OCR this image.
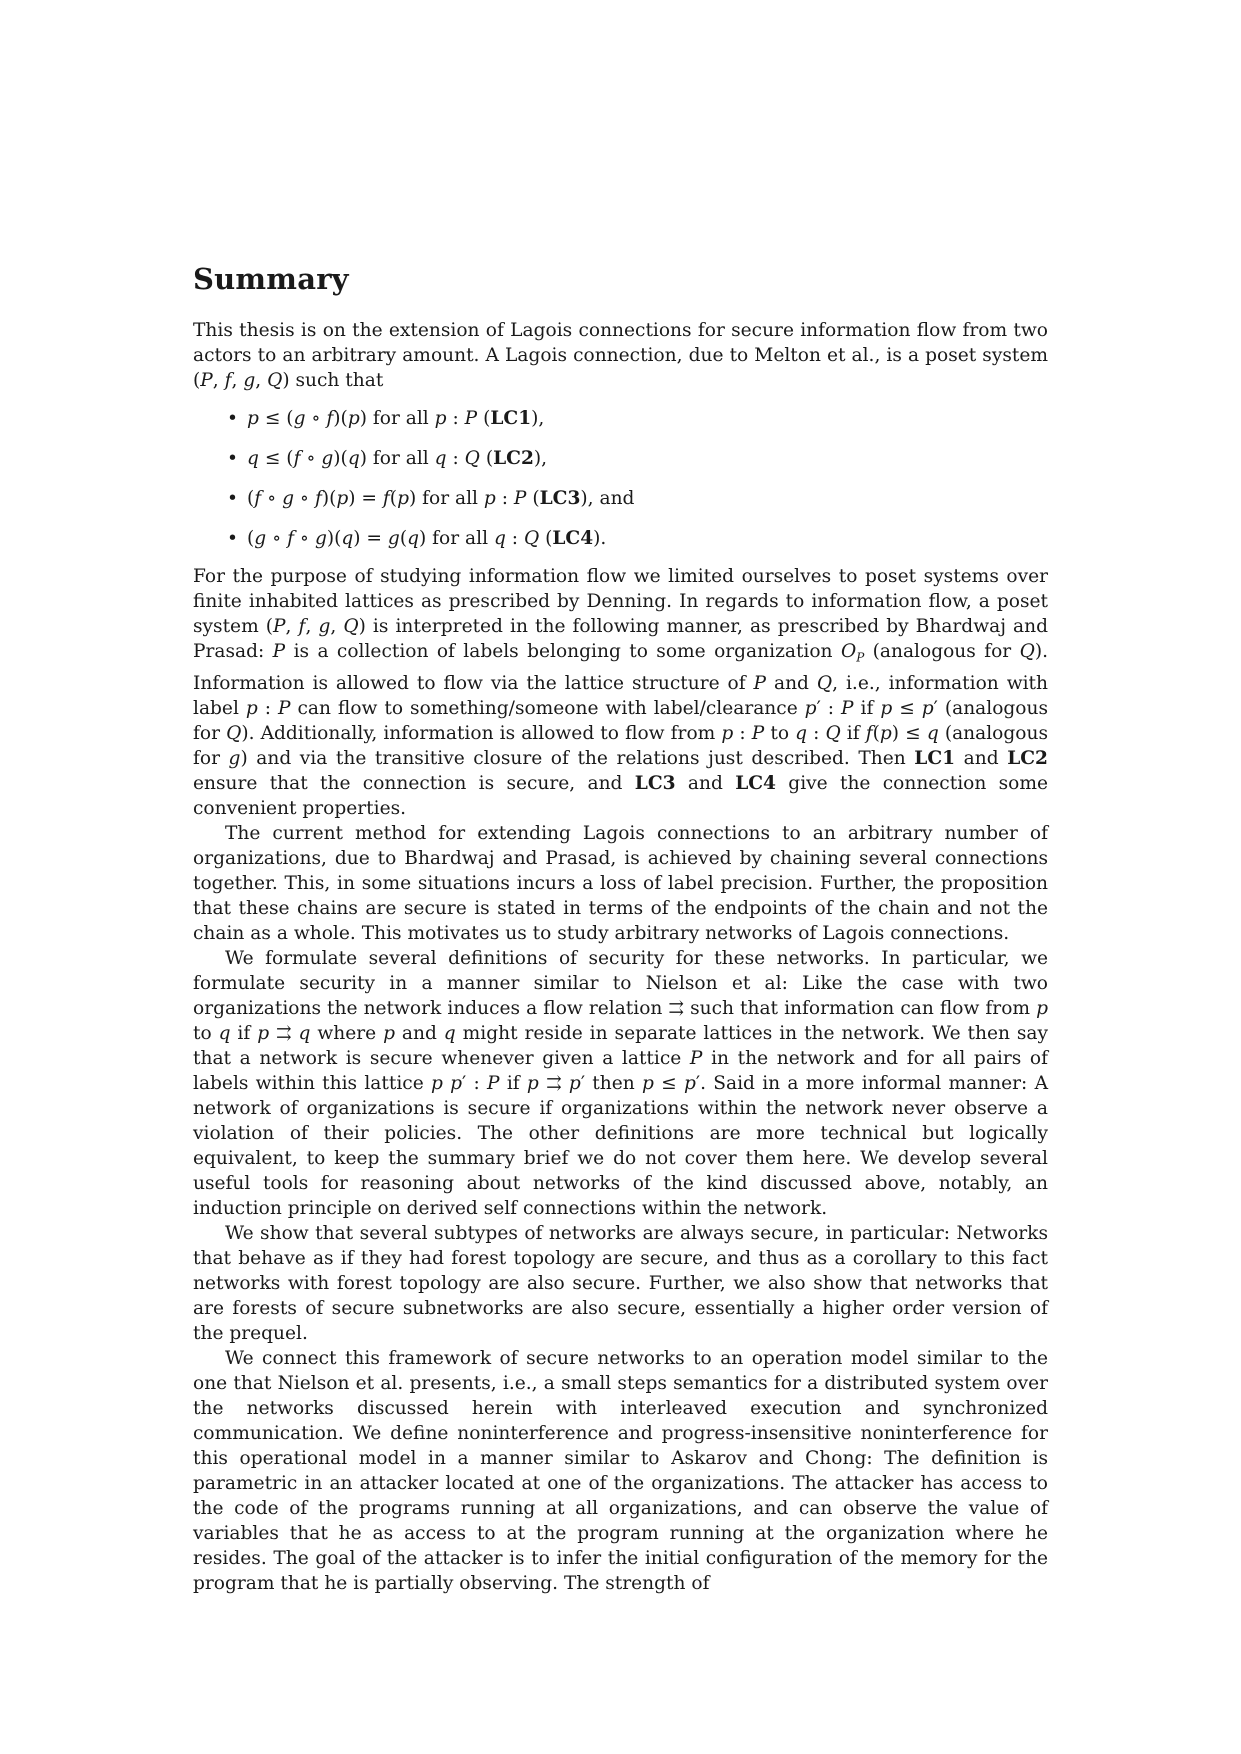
Summary

This thesis is on the extension of Lagois connections for secure information flow from two actors to an arbitrary amount. A Lagois connection, due to Melton et al., is a poset system (P, f, g, Q) such that

• p ≤ (g ∘ f)(p) for all p : P (LC1),
• q ≤ (f ∘ g)(q) for all q : Q (LC2),
• (f ∘ g ∘ f)(p) = f(p) for all p : P (LC3), and
• (g ∘ f ∘ g)(q) = g(q) for all q : Q (LC4).

For the purpose of studying information flow we limited ourselves to poset systems over finite inhabited lattices as prescribed by Denning. In regards to information flow, a poset system (P, f, g, Q) is interpreted in the following manner, as prescribed by Bhardwaj and Prasad: P is a collection of labels belonging to some organization $O_P$ (analogous for Q). Information is allowed to flow via the lattice structure of P and Q, i.e., information with label p : P can flow to something/someone with label/clearance p′ : P if p ≤ p′ (analogous for Q). Additionally, information is allowed to flow from p : P to q : Q if f(p) ≤ q (analogous for g) and via the transitive closure of the relations just described. Then LC1 and LC2 ensure that the connection is secure, and LC3 and LC4 give the connection some convenient properties.

The current method for extending Lagois connections to an arbitrary number of organizations, due to Bhardwaj and Prasad, is achieved by chaining several connections together. This, in some situations incurs a loss of label precision. Further, the proposition that these chains are secure is stated in terms of the endpoints of the chain and not the chain as a whole. This motivates us to study arbitrary networks of Lagois connections.

We formulate several definitions of security for these networks. In particular, we formulate security in a manner similar to Nielson et al: Like the case with two organizations the network induces a flow relation ⇉ such that information can flow from p to q if p ⇉ q where p and q might reside in separate lattices in the network. We then say that a network is secure whenever given a lattice P in the network and for all pairs of labels within this lattice p p′ : P if p ⇉ p′ then p ≤ p′. Said in a more informal manner: A network of organizations is secure if organizations within the network never observe a violation of their policies. The other definitions are more technical but logically equivalent, to keep the summary brief we do not cover them here. We develop several useful tools for reasoning about networks of the kind discussed above, notably, an induction principle on derived self connections within the network.

We show that several subtypes of networks are always secure, in particular: Networks that behave as if they had forest topology are secure, and thus as a corollary to this fact networks with forest topology are also secure. Further, we also show that networks that are forests of secure subnetworks are also secure, essentially a higher order version of the prequel.

We connect this framework of secure networks to an operation model similar to the one that Nielson et al. presents, i.e., a small steps semantics for a distributed system over the networks discussed herein with interleaved execution and synchronized communication. We define noninterference and progress-insensitive noninterference for this operational model in a manner similar to Askarov and Chong: The definition is parametric in an attacker located at one of the organizations. The attacker has access to the code of the programs running at all organizations, and can observe the value of variables that he as access to at the program running at the organization where he resides. The goal of the attacker is to infer the initial configuration of the memory for the program that he is partially observing. The strength of
